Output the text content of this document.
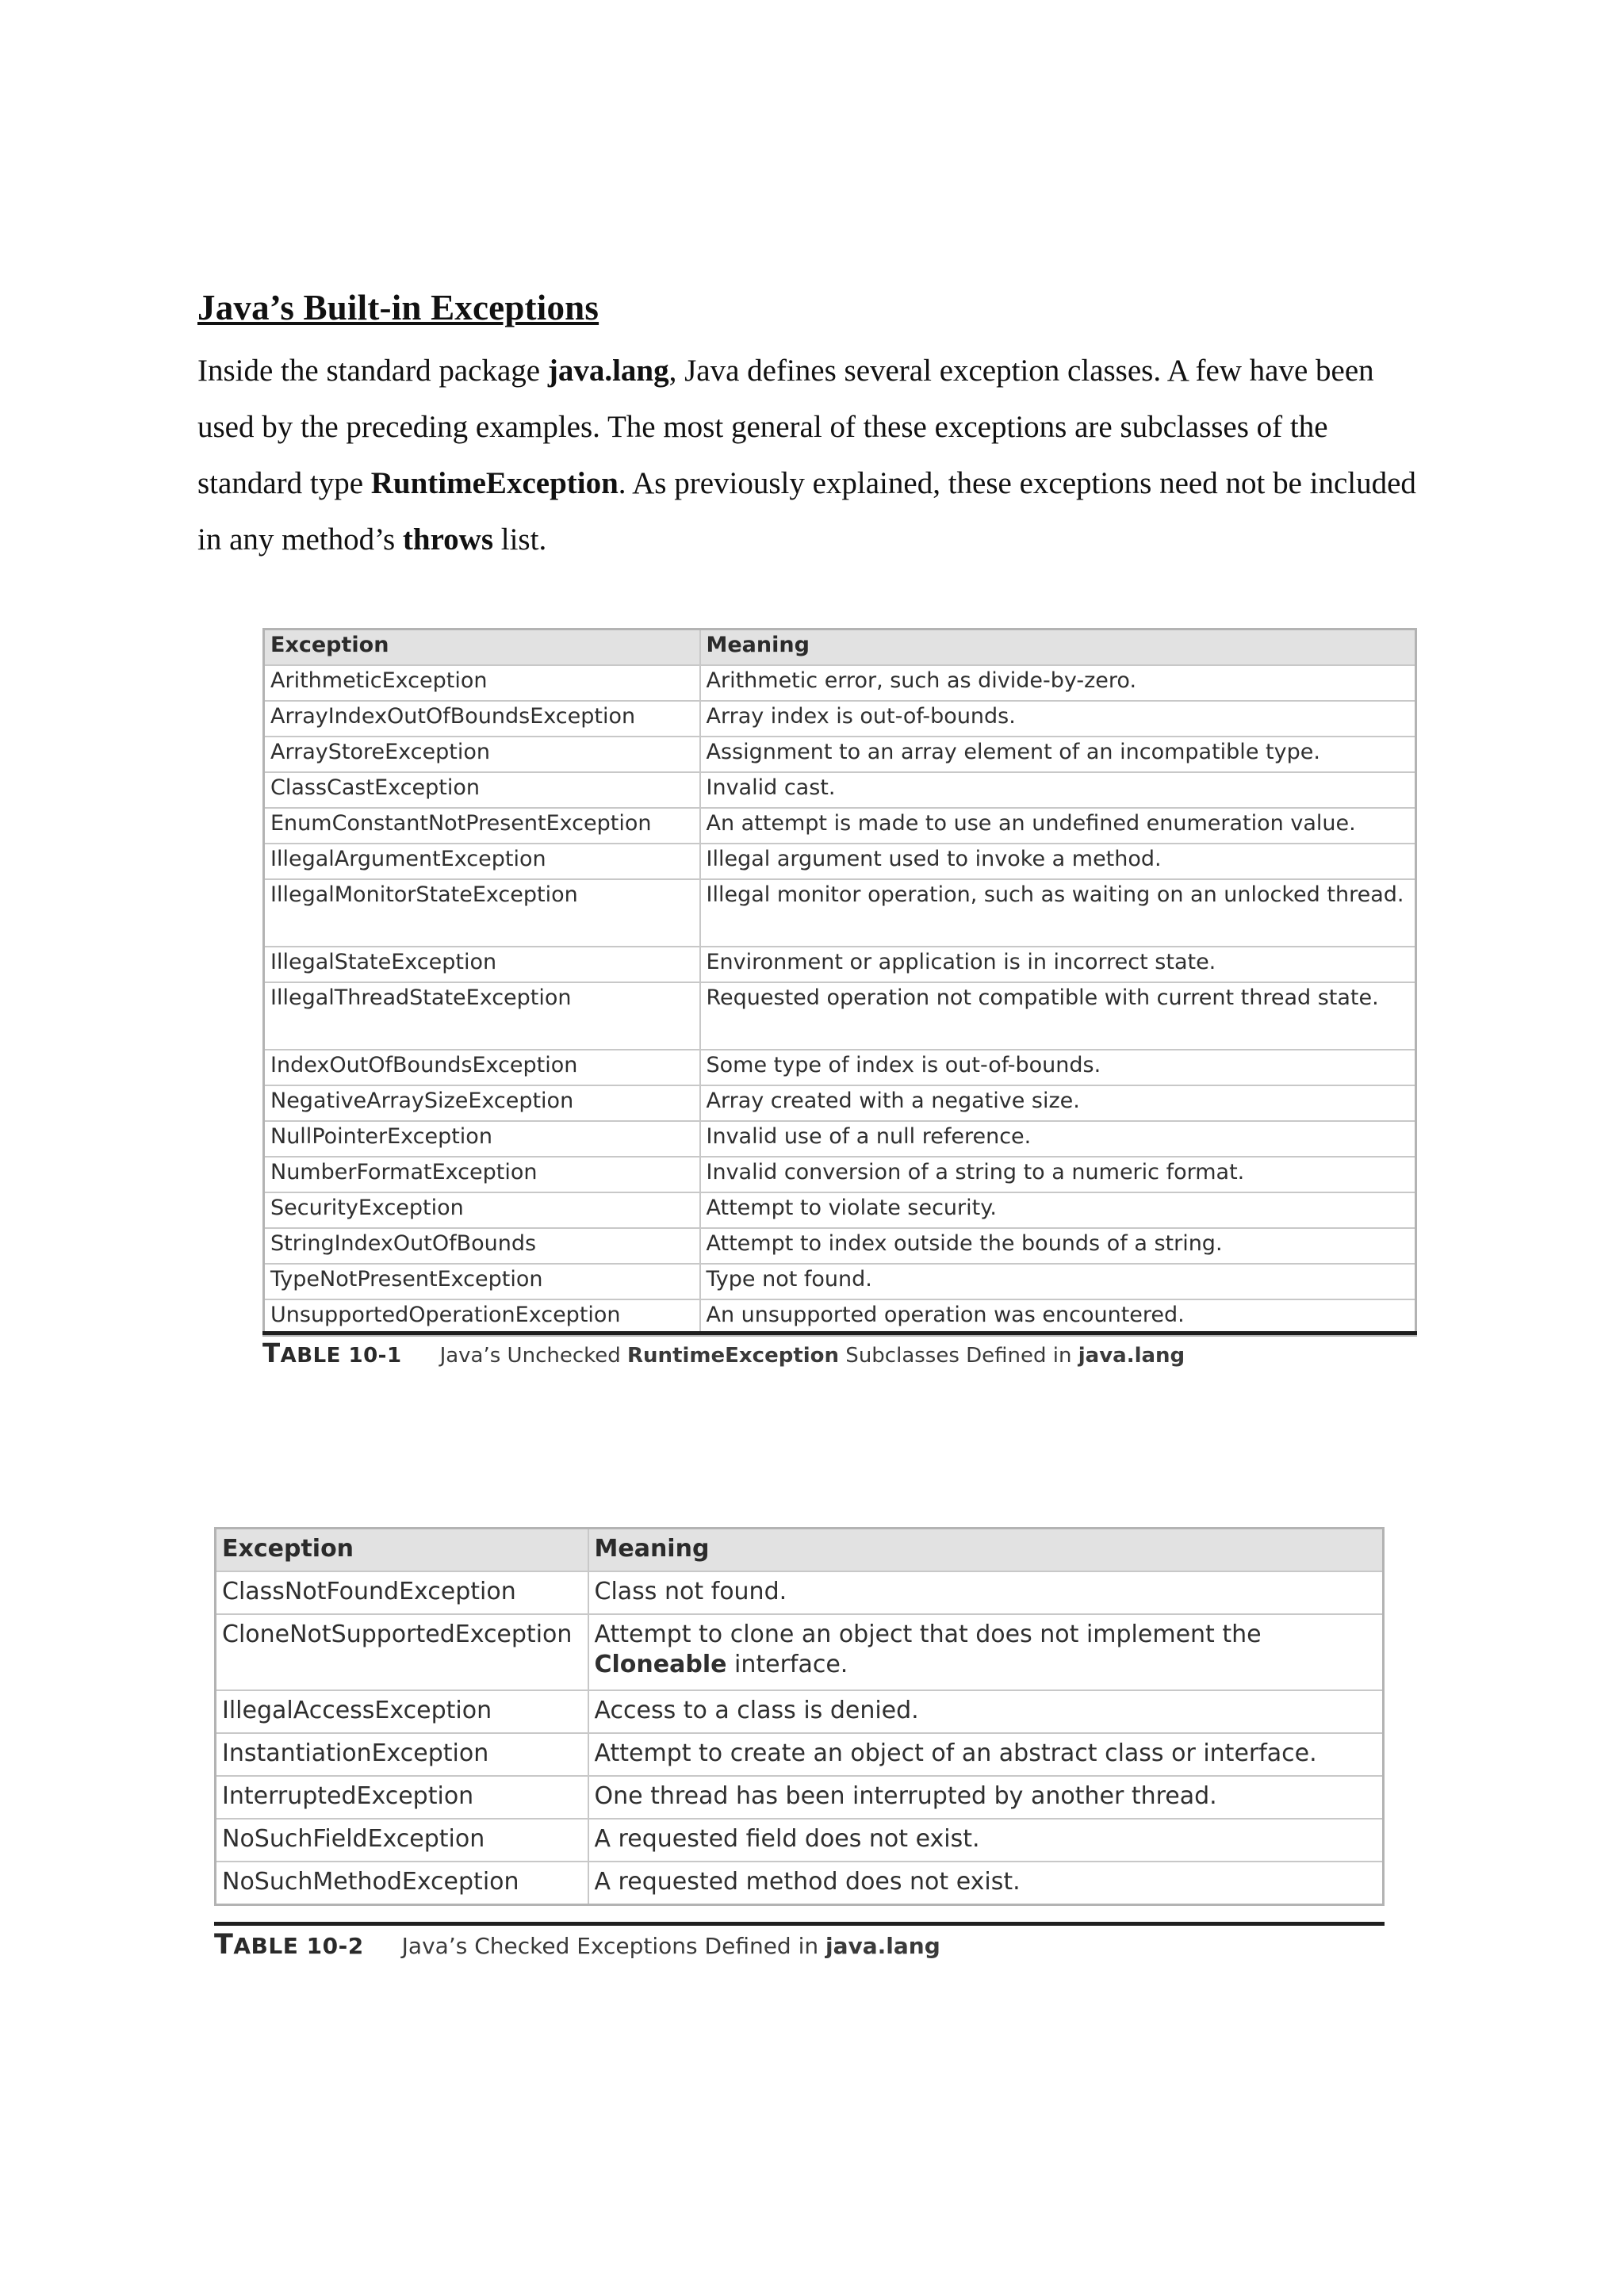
Java’s Built-in Exceptions

Inside the standard package java.lang, Java defines several exception classes. A few have been used by the preceding examples. The most general of these exceptions are subclasses of the standard type RuntimeException. As previously explained, these exceptions need not be included in any method’s throws list.

Exception	Meaning
ArithmeticException	Arithmetic error, such as divide-by-zero.
ArrayIndexOutOfBoundsException	Array index is out-of-bounds.
ArrayStoreException	Assignment to an array element of an incompatible type.
ClassCastException	Invalid cast.
EnumConstantNotPresentException	An attempt is made to use an undefined enumeration value.
IllegalArgumentException	Illegal argument used to invoke a method.
IllegalMonitorStateException	Illegal monitor operation, such as waiting on an unlocked thread.
IllegalStateException	Environment or application is in incorrect state.
IllegalThreadStateException	Requested operation not compatible with current thread state.
IndexOutOfBoundsException	Some type of index is out-of-bounds.
NegativeArraySizeException	Array created with a negative size.
NullPointerException	Invalid use of a null reference.
NumberFormatException	Invalid conversion of a string to a numeric format.
SecurityException	Attempt to violate security.
StringIndexOutOfBounds	Attempt to index outside the bounds of a string.
TypeNotPresentException	Type not found.
UnsupportedOperationException	An unsupported operation was encountered.
TABLE 10-1 Java’s Unchecked RuntimeException Subclasses Defined in java.lang
Exception	Meaning
ClassNotFoundException	Class not found.
CloneNotSupportedException	Attempt to clone an object that does not implement the Cloneable interface.
IllegalAccessException	Access to a class is denied.
InstantiationException	Attempt to create an object of an abstract class or interface.
InterruptedException	One thread has been interrupted by another thread.
NoSuchFieldException	A requested field does not exist.
NoSuchMethodException	A requested method does not exist.
TABLE 10-2 Java’s Checked Exceptions Defined in java.lang
